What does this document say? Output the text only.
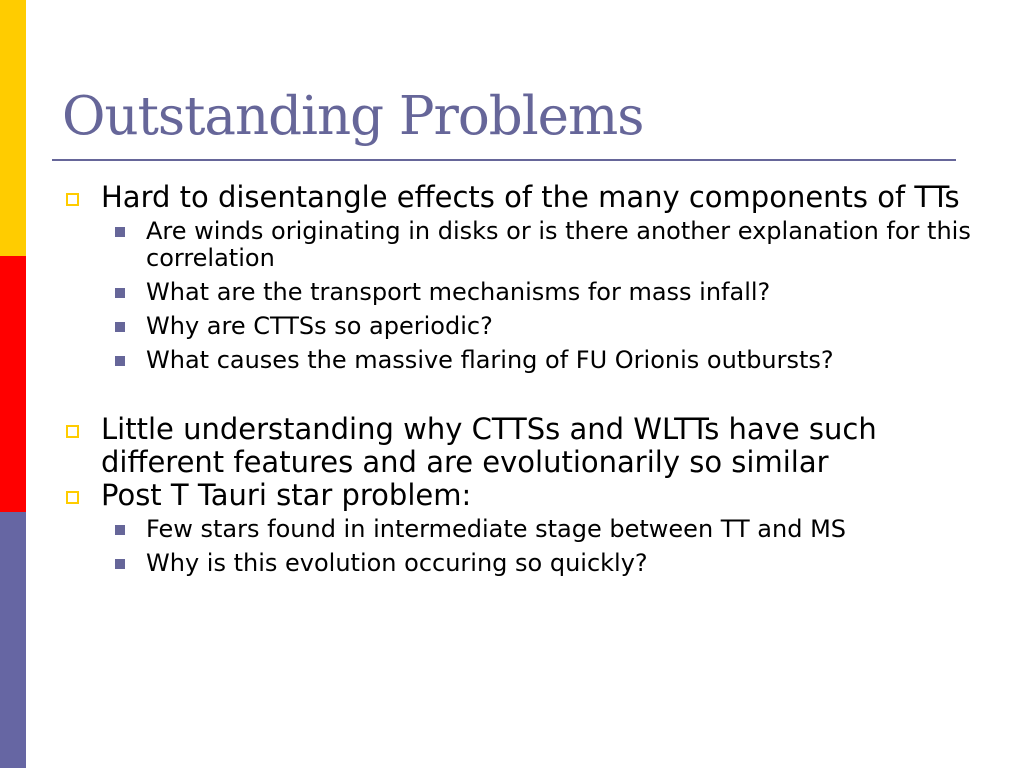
Outstanding Problems
Hard to disentangle effects of the many components of TTs
Are winds originating in disks or is there another explanation for this correlation
What are the transport mechanisms for mass infall?
Why are CTTSs so aperiodic?
What causes the massive flaring of FU Orionis outbursts?
Little understanding why CTTSs and WLTTs have such different features and are evolutionarily so similar
Post T Tauri star problem:
Few stars found in intermediate stage between TT and MS
Why is this evolution occuring so quickly?
